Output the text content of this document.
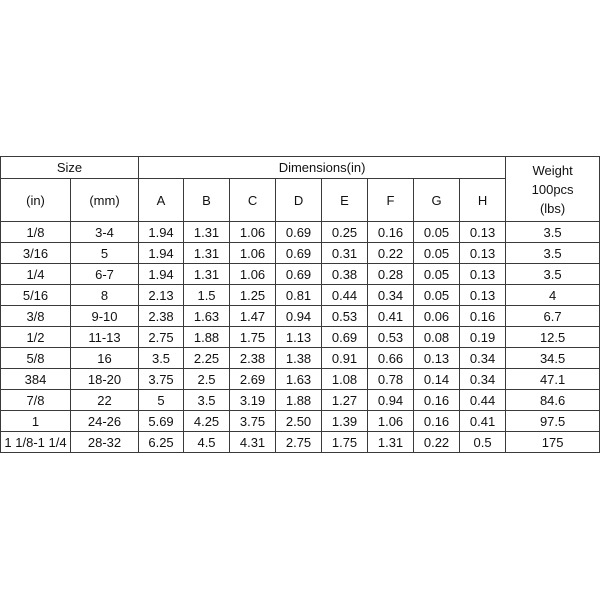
Size		Dimensions(in)								Weight
100pcs
(lbs)
(in)	(mm)	A	B	C	D	E	F	G	H	
1/8	3-4	1.94	1.31	1.06	0.69	0.25	0.16	0.05	0.13	3.5
3/16	5	1.94	1.31	1.06	0.69	0.31	0.22	0.05	0.13	3.5
1/4	6-7	1.94	1.31	1.06	0.69	0.38	0.28	0.05	0.13	3.5
5/16	8	2.13	1.5	1.25	0.81	0.44	0.34	0.05	0.13	4
3/8	9-10	2.38	1.63	1.47	0.94	0.53	0.41	0.06	0.16	6.7
1/2	11-13	2.75	1.88	1.75	1.13	0.69	0.53	0.08	0.19	12.5
5/8	16	3.5	2.25	2.38	1.38	0.91	0.66	0.13	0.34	34.5
384	18-20	3.75	2.5	2.69	1.63	1.08	0.78	0.14	0.34	47.1
7/8	22	5	3.5	3.19	1.88	1.27	0.94	0.16	0.44	84.6
1	24-26	5.69	4.25	3.75	2.50	1.39	1.06	0.16	0.41	97.5
1 1/8-1 1/4	28-32	6.25	4.5	4.31	2.75	1.75	1.31	0.22	0.5	175
